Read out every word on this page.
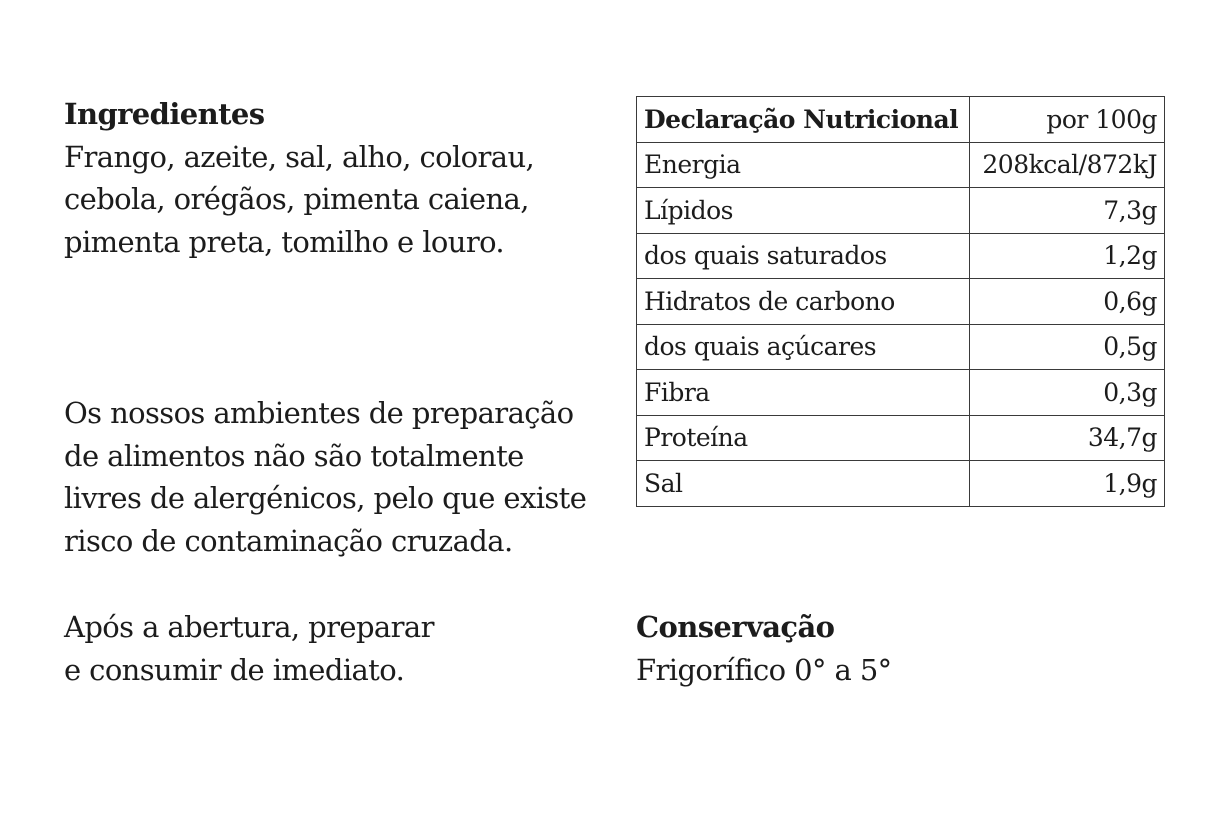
Ingredientes
Frango, azeite, sal, alho, colorau,
cebola, orégãos, pimenta caiena,
pimenta preta, tomilho e louro.
Os nossos ambientes de preparação
de alimentos não são totalmente
livres de alergénicos, pelo que existe
risco de contaminação cruzada.
Após a abertura, preparar
e consumir de imediato.
Declaração Nutricional	por 100g
Energia	208kcal/872kJ
Lípidos	7,3g
dos quais saturados	1,2g
Hidratos de carbono	0,6g
dos quais açúcares	0,5g
Fibra	0,3g
Proteína	34,7g
Sal	1,9g
Conservação
Frigorífico 0° a 5°
